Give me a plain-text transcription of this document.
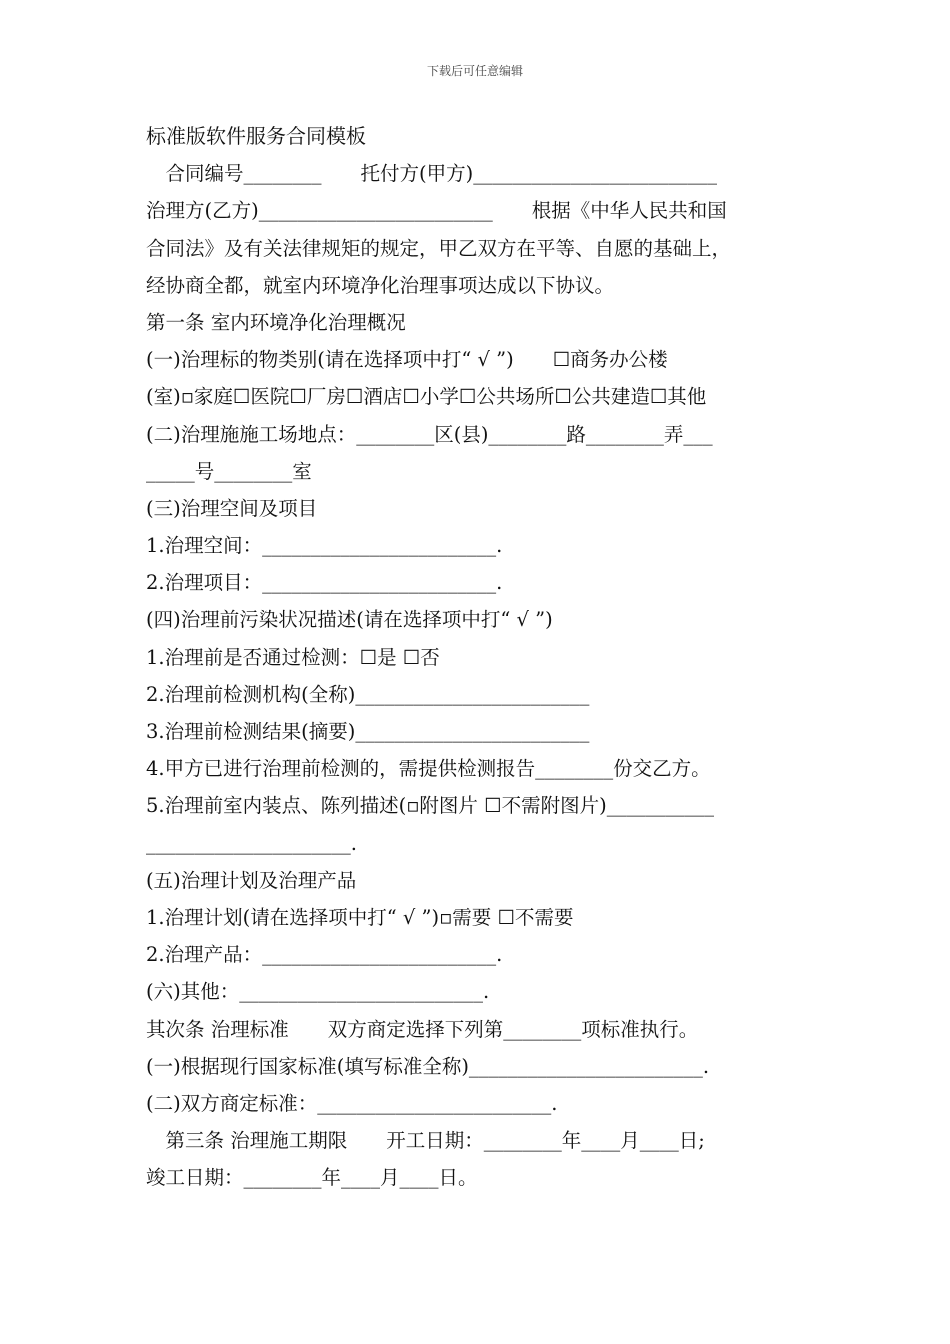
下载后可任意编辑
标准版软件服务合同模板
　合同编号________　　托付方(甲方)_________________________
治理方(乙方)________________________　　根据《中华人民共和国
合同法》及有关法律规矩的规定，甲乙双方在平等、自愿的基础上，
经协商全都，就室内环境净化治理事项达成以下协议。
第一条 室内环境净化治理概况
(一)治理标的物类别(请在选择项中打“ √ ”)　　☐商务办公楼
(室)▫家庭☐医院☐厂房☐酒店☐小学☐公共场所☐公共建造☐其他
(二)治理施施工场地点：________区(县)________路________弄___
_____号________室
(三)治理空间及项目
1.治理空间：________________________.
2.治理项目：________________________.
(四)治理前污染状况描述(请在选择项中打“ √ ”)
1.治理前是否通过检测：☐是 ☐否
2.治理前检测机构(全称)________________________
3.治理前检测结果(摘要)________________________
4.甲方已进行治理前检测的，需提供检测报告________份交乙方。
5.治理前室内装点、陈列描述(▫附图片 ☐不需附图片)___________
_____________________.
(五)治理计划及治理产品
1.治理计划(请在选择项中打“ √ ”)▫需要 ☐不需要
2.治理产品：________________________.
(六)其他：_________________________.
其次条 治理标准　　双方商定选择下列第________项标准执行。
(一)根据现行国家标准(填写标准全称)________________________.
(二)双方商定标准：________________________.
　第三条 治理施工期限　　开工日期：________年____月____日;
竣工日期：________年____月____日。
